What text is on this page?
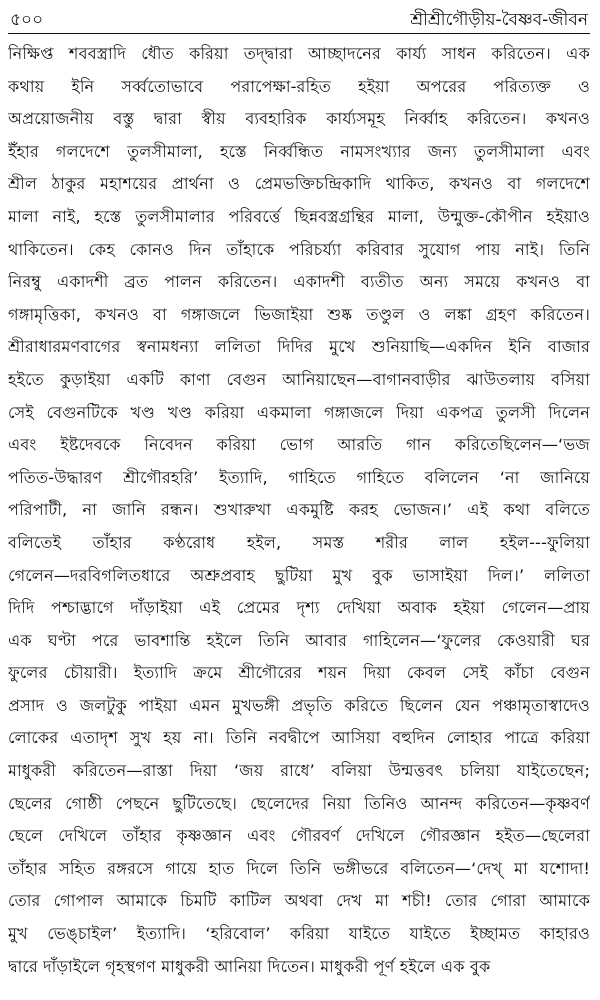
৫০০	শ্রীশ্রীগৌড়ীয়-বৈষ্ণব-জীবন
নিক্ষিপ্ত শববস্ত্রাদি ধৌত করিয়া তদ্দ্বারা আচ্ছাদনের কার্য্য সাধন করিতেন। এক
কথায় ইনি সর্ব্বতোভাবে পরাপেক্ষা-রহিত হইয়া অপরের পরিত্যক্ত ও
অপ্রয়োজনীয় বস্তু দ্বারা স্বীয় ব্যবহারিক কার্য্যসমূহ নির্ব্বাহ করিতেন। কখনও
ইঁহার গলদেশে তুলসীমালা, হস্তে নির্ব্বন্ধিত নামসংখ্যার জন্য তুলসীমালা এবং
শ্রীল ঠাকুর মহাশয়ের প্রার্থনা ও প্রেমভক্তিচন্দ্রিকাদি থাকিত, কখনও বা গলদেশে
মালা নাই, হস্তে তুলসীমালার পরিবর্ত্তে ছিন্নবস্ত্রগ্রন্থির মালা, উন্মুক্ত-কৌপীন হইয়াও
থাকিতেন। কেহ কোনও দিন তাঁহাকে পরিচর্য্যা করিবার সুযোগ পায় নাই। তিনি
নিরম্বু একাদশী ব্রত পালন করিতেন। একাদশী ব্যতীত অন্য সময়ে কখনও বা
গঙ্গামৃত্তিকা, কখনও বা গঙ্গাজলে ভিজাইয়া শুষ্ক তণ্ডুল ও লঙ্কা গ্রহণ করিতেন।
শ্রীরাধারমণবাগের স্বনামধন্যা ললিতা দিদির মুখে শুনিয়াছি—একদিন ইনি বাজার
হইতে কুড়াইয়া একটি কাণা বেগুন আনিয়াছেন—বাগানবাড়ীর ঝাউতলায় বসিয়া
সেই বেগুনটিকে খণ্ড খণ্ড করিয়া একমালা গঙ্গাজলে দিয়া একপত্র তুলসী দিলেন
এবং ইষ্টদেবকে নিবেদন করিয়া ভোগ আরতি গান করিতেছিলেন—‘ভজ
পতিত-উদ্ধারণ শ্রীগৌরহরি’ ইত্যাদি, গাহিতে গাহিতে বলিলেন ‘না জানিয়ে
পরিপাটী, না জানি রন্ধন। শুখারুখা একমুষ্টি করহ ভোজন।’ এই কথা বলিতে
বলিতেই তাঁহার কণ্ঠরোধ হইল, সমস্ত শরীর লাল হইল---ফুলিয়া
গেলেন—দরবিগলিতধারে অশ্রুপ্রবাহ ছুটিয়া মুখ বুক ভাসাইয়া দিল।’ ললিতা
দিদি পশ্চাদ্ভাগে দাঁড়াইয়া এই প্রেমের দৃশ্য দেখিয়া অবাক হইয়া গেলেন—প্রায়
এক ঘণ্টা পরে ভাবশান্তি হইলে তিনি আবার গাহিলেন—‘ফুলের কেওয়ারী ঘর
ফুলের চৌয়ারী। ইত্যাদি ক্রমে শ্রীগৌরের শয়ন দিয়া কেবল সেই কাঁচা বেগুন
প্রসাদ ও জলটুকু পাইয়া এমন মুখভঙ্গী প্রভৃতি করিতে ছিলেন যেন পঞ্চামৃতাস্বাদেও
লোকের এতাদৃশ সুখ হয় না। তিনি নবদ্বীপে আসিয়া বহুদিন লোহার পাত্রে করিয়া
মাধুকরী করিতেন—রাস্তা দিয়া ‘জয় রাধে’ বলিয়া উন্মত্তবৎ চলিয়া যাইতেছেন;
ছেলের গোষ্ঠী পেছনে ছুটিতেছে। ছেলেদের নিয়া তিনিও আনন্দ করিতেন—কৃষ্ণবর্ণ
ছেলে দেখিলে তাঁহার কৃষ্ণজ্ঞান এবং গৌরবর্ণ দেখিলে গৌরজ্ঞান হইত—ছেলেরা
তাঁহার সহিত রঙ্গরসে গায়ে হাত দিলে তিনি ভঙ্গীভরে বলিতেন—‘দেখ্ মা যশোদা!
তোর গোপাল আমাকে চিমটি কাটিল অথবা দেখ মা শচী! তোর গোরা আমাকে
মুখ ভেঙ্চাইল’ ইত্যাদি। ‘হরিবোল’ করিয়া যাইতে যাইতে ইচ্ছামত কাহারও
দ্বারে দাঁড়াইলে গৃহস্থগণ মাধুকরী আনিয়া দিতেন। মাধুকরী পূর্ণ হইলে এক বুক
